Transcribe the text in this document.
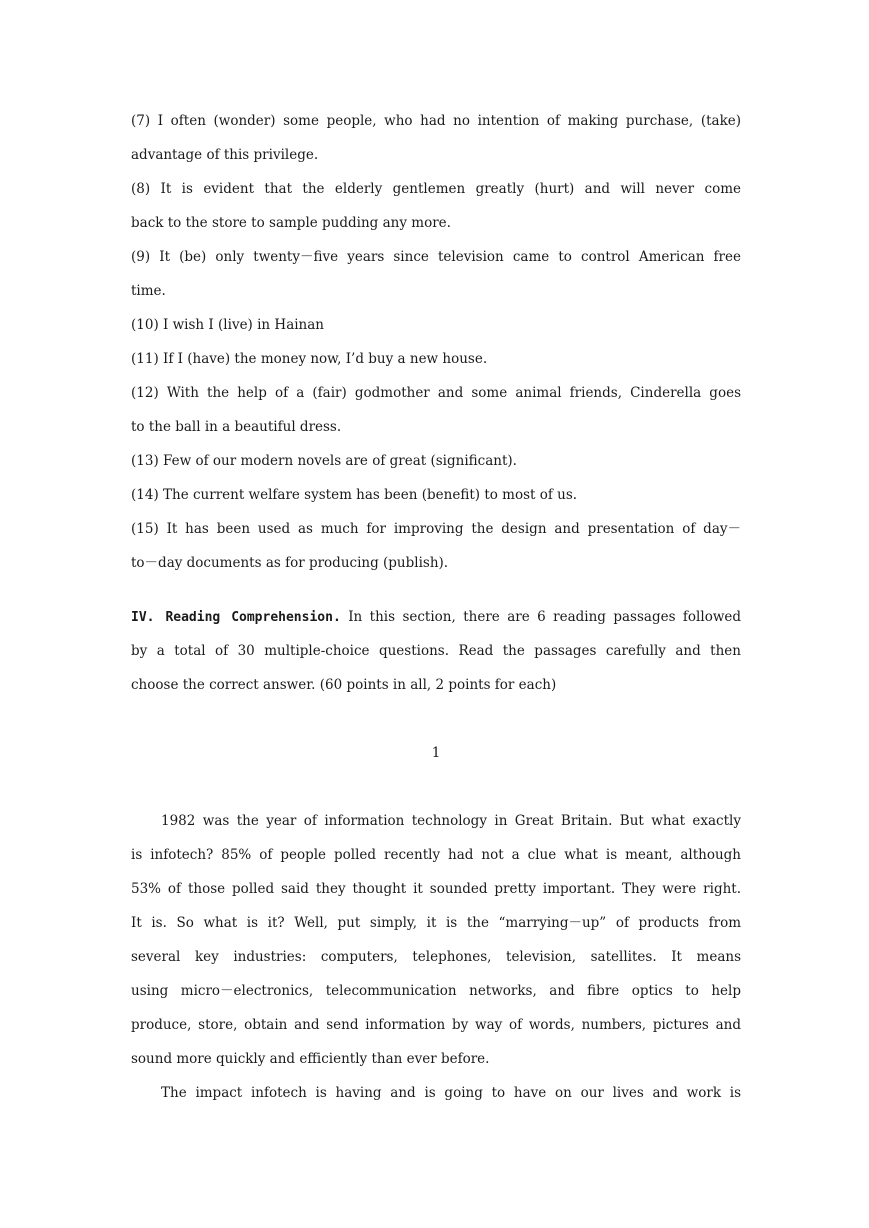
(7) I often (wonder) some people, who had no intention of making purchase, (take)
advantage of this privilege.
(8) It is evident that the elderly gentlemen greatly (hurt) and will never come
back to the store to sample pudding any more.
(9) It (be) only twenty－five years since television came to control American free
time.
(10) I wish I (live) in Hainan
(11) If I (have) the money now, I’d buy a new house.
(12) With the help of a (fair) godmother and some animal friends, Cinderella goes
to the ball in a beautiful dress.
(13) Few of our modern novels are of great (significant).
(14) The current welfare system has been (benefit) to most of us.
(15) It has been used as much for improving the design and presentation of day－
to－day documents as for producing (publish).
IV. Reading Comprehension. In this section, there are 6 reading passages followed
by a total of 30 multiple-choice questions. Read the passages carefully and then
choose the correct answer. (60 points in all, 2 points for each)
1
1982 was the year of information technology in Great Britain. But what exactly
is infotech? 85% of people polled recently had not a clue what is meant, although
53% of those polled said they thought it sounded pretty important. They were right.
It is. So what is it? Well, put simply, it is the “marrying－up” of products from
several key industries: computers, telephones, television, satellites. It means
using micro－electronics, telecommunication networks, and fibre optics to help
produce, store, obtain and send information by way of words, numbers, pictures and
sound more quickly and efficiently than ever before.
The impact infotech is having and is going to have on our lives and work is
